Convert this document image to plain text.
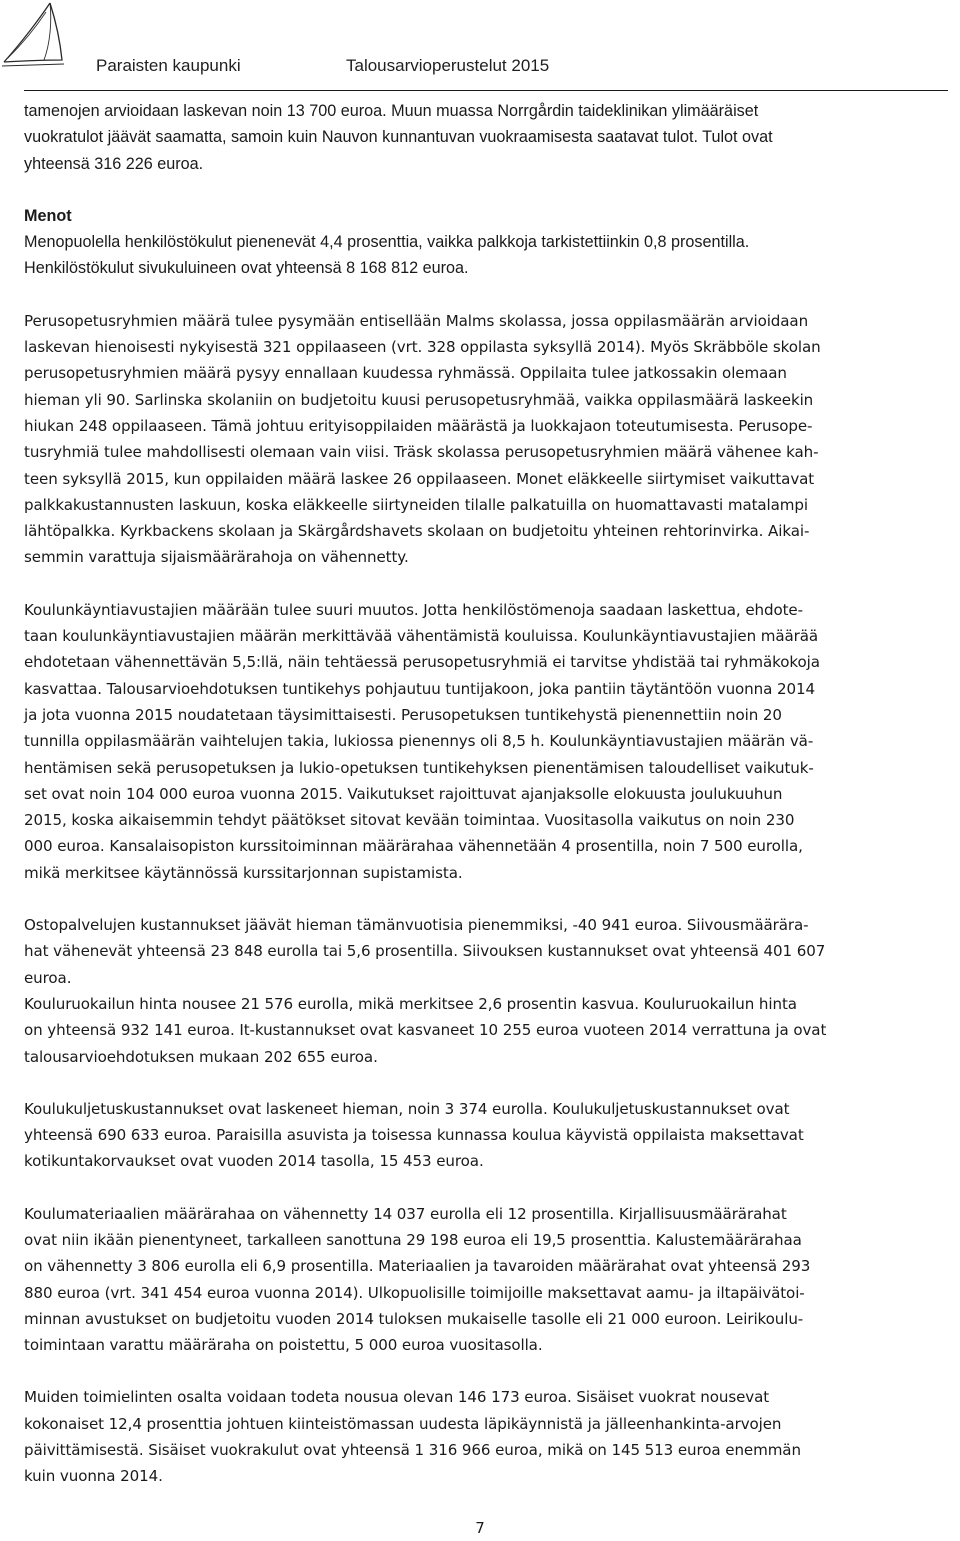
Paraisten kaupunki	Talousarvioperustelut 2015
tamenojen arvioidaan laskevan noin 13 700 euroa. Muun muassa Norrgårdin taideklinikan ylimääräiset
vuokratulot jäävät saamatta, samoin kuin Nauvon kunnantuvan vuokraamisesta saatavat tulot. Tulot ovat
yhteensä 316 226 euroa.
Menot
Menopuolella henkilöstökulut pienenevät 4,4 prosenttia, vaikka palkkoja tarkistettiinkin 0,8 prosentilla.
Henkilöstökulut sivukuluineen ovat yhteensä 8 168 812 euroa.
Perusopetusryhmien määrä tulee pysymään entisellään Malms skolassa, jossa oppilasmäärän arvioidaan
laskevan hienoisesti nykyisestä 321 oppilaaseen (vrt. 328 oppilasta syksyllä 2014). Myös Skräbböle skolan
perusopetusryhmien määrä pysyy ennallaan kuudessa ryhmässä. Oppilaita tulee jatkossakin olemaan
hieman yli 90. Sarlinska skolaniin on budjetoitu kuusi perusopetusryhmää, vaikka oppilasmäärä laskeekin
hiukan 248 oppilaaseen. Tämä johtuu erityisoppilaiden määrästä ja luokkajaon toteutumisesta. Perusope-
tusryhmiä tulee mahdollisesti olemaan vain viisi. Träsk skolassa perusopetusryhmien määrä vähenee kah-
teen syksyllä 2015, kun oppilaiden määrä laskee 26 oppilaaseen. Monet eläkkeelle siirtymiset vaikuttavat
palkkakustannusten laskuun, koska eläkkeelle siirtyneiden tilalle palkatuilla on huomattavasti matalampi
lähtöpalkka. Kyrkbackens skolaan ja Skärgårdshavets skolaan on budjetoitu yhteinen rehtorinvirka. Aikai-
semmin varattuja sijaismäärärahoja on vähennetty.
Koulunkäyntiavustajien määrään tulee suuri muutos. Jotta henkilöstömenoja saadaan laskettua, ehdote-
taan koulunkäyntiavustajien määrän merkittävää vähentämistä kouluissa. Koulunkäyntiavustajien määrää
ehdotetaan vähennettävän 5,5:llä, näin tehtäessä perusopetusryhmiä ei tarvitse yhdistää tai ryhmäkokoja
kasvattaa. Talousarvioehdotuksen tuntikehys pohjautuu tuntijakoon, joka pantiin täytäntöön vuonna 2014
ja jota vuonna 2015 noudatetaan täysimittaisesti. Perusopetuksen tuntikehystä pienennettiin noin 20
tunnilla oppilasmäärän vaihtelujen takia, lukiossa pienennys oli 8,5 h. Koulunkäyntiavustajien määrän vä-
hentämisen sekä perusopetuksen ja lukio-opetuksen tuntikehyksen pienentämisen taloudelliset vaikutuk-
set ovat noin 104 000 euroa vuonna 2015. Vaikutukset rajoittuvat ajanjaksolle elokuusta joulukuuhun
2015, koska aikaisemmin tehdyt päätökset sitovat kevään toimintaa. Vuositasolla vaikutus on noin 230
000 euroa. Kansalaisopiston kurssitoiminnan määrärahaa vähennetään 4 prosentilla, noin 7 500 eurolla,
mikä merkitsee käytännössä kurssitarjonnan supistamista.
Ostopalvelujen kustannukset jäävät hieman tämänvuotisia pienemmiksi, -40 941 euroa. Siivousmäärära-
hat vähenevät yhteensä 23 848 eurolla tai 5,6 prosentilla. Siivouksen kustannukset ovat yhteensä 401 607
euroa.
Kouluruokailun hinta nousee 21 576 eurolla, mikä merkitsee 2,6 prosentin kasvua. Kouluruokailun hinta
on yhteensä 932 141 euroa. It-kustannukset ovat kasvaneet 10 255 euroa vuoteen 2014 verrattuna ja ovat
talousarvioehdotuksen mukaan 202 655 euroa.
Koulukuljetuskustannukset ovat laskeneet hieman, noin 3 374 eurolla. Koulukuljetuskustannukset ovat
yhteensä 690 633 euroa. Paraisilla asuvista ja toisessa kunnassa koulua käyvistä oppilaista maksettavat
kotikuntakorvaukset ovat vuoden 2014 tasolla, 15 453 euroa.
Koulumateriaalien määrärahaa on vähennetty 14 037 eurolla eli 12 prosentilla. Kirjallisuusmäärärahat
ovat niin ikään pienentyneet, tarkalleen sanottuna 29 198 euroa eli 19,5 prosenttia. Kalustemäärärahaa
on vähennetty 3 806 eurolla eli 6,9 prosentilla. Materiaalien ja tavaroiden määrärahat ovat yhteensä 293
880 euroa (vrt. 341 454 euroa vuonna 2014). Ulkopuolisille toimijoille maksettavat aamu- ja iltapäivätoi-
minnan avustukset on budjetoitu vuoden 2014 tuloksen mukaiselle tasolle eli 21 000 euroon. Leirikoulu-
toimintaan varattu määräraha on poistettu, 5 000 euroa vuositasolla.
Muiden toimielinten osalta voidaan todeta nousua olevan 146 173 euroa. Sisäiset vuokrat nousevat
kokonaiset 12,4 prosenttia johtuen kiinteistömassan uudesta läpikäynnistä ja jälleenhankinta-arvojen
päivittämisestä. Sisäiset vuokrakulut ovat yhteensä 1 316 966 euroa, mikä on 145 513 euroa enemmän
kuin vuonna 2014.
7
